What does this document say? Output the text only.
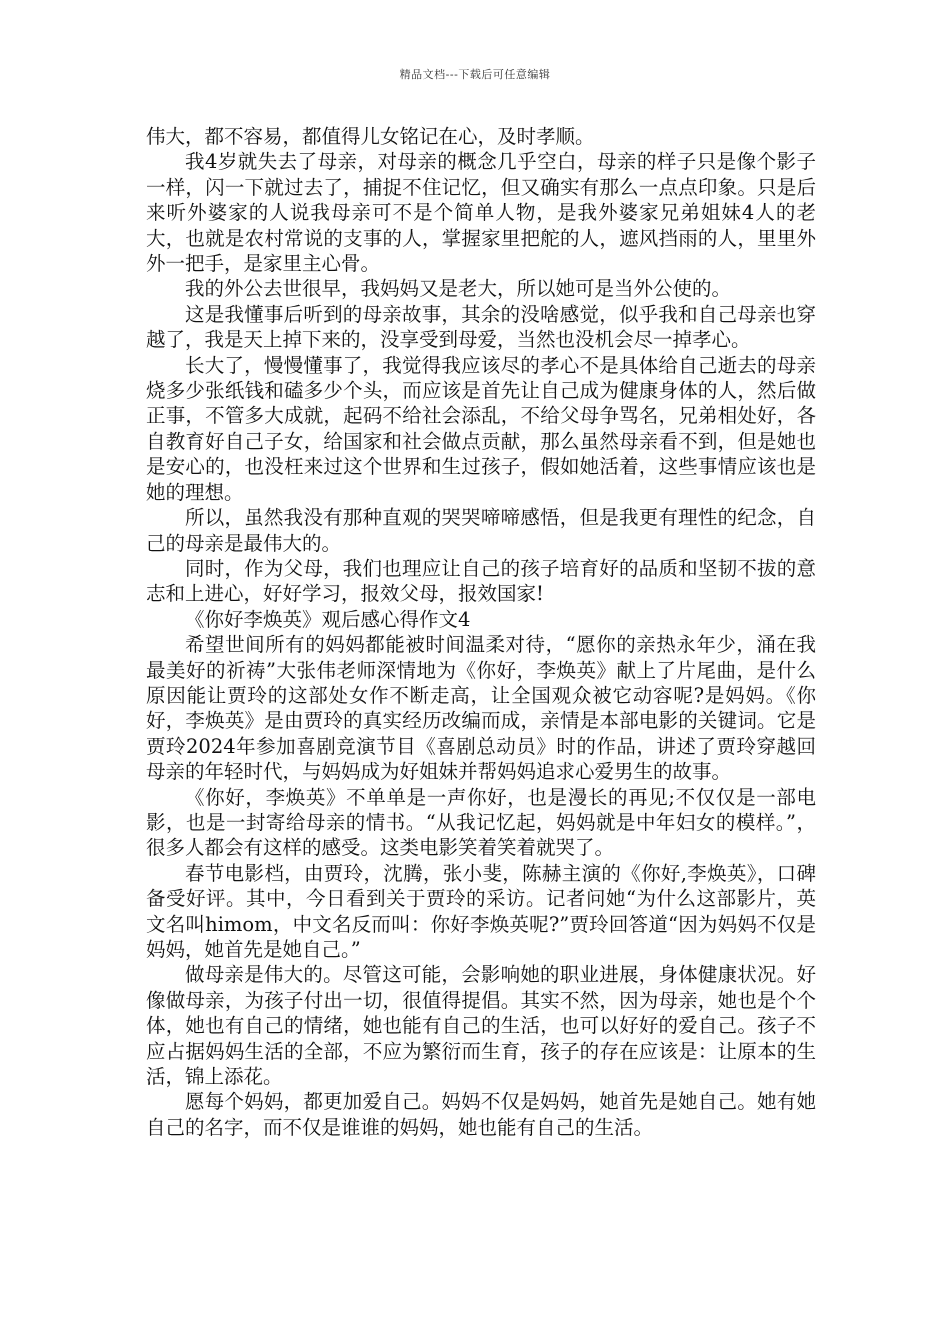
精品文档---下载后可任意编辑

伟大，都不容易，都值得儿女铭记在心，及时孝顺。

我4岁就失去了母亲，对母亲的概念几乎空白，母亲的样子只是像个影子一样，闪一下就过去了，捕捉不住记忆，但又确实有那么一点点印象。只是后来听外婆家的人说我母亲可不是个简单人物，是我外婆家兄弟姐妹4人的老大，也就是农村常说的支事的人，掌握家里把舵的人，遮风挡雨的人，里里外外一把手，是家里主心骨。

我的外公去世很早，我妈妈又是老大，所以她可是当外公使的。

这是我懂事后听到的母亲故事，其余的没啥感觉，似乎我和自己母亲也穿越了，我是天上掉下来的，没享受到母爱，当然也没机会尽一掉孝心。

长大了，慢慢懂事了，我觉得我应该尽的孝心不是具体给自己逝去的母亲烧多少张纸钱和磕多少个头，而应该是首先让自己成为健康身体的人，然后做正事，不管多大成就，起码不给社会添乱，不给父母争骂名，兄弟相处好，各自教育好自己子女，给国家和社会做点贡献，那么虽然母亲看不到，但是她也是安心的，也没枉来过这个世界和生过孩子，假如她活着，这些事情应该也是她的理想。

所以，虽然我没有那种直观的哭哭啼啼感悟，但是我更有理性的纪念，自己的母亲是最伟大的。

同时，作为父母，我们也理应让自己的孩子培育好的品质和坚韧不拔的意志和上进心，好好学习，报效父母，报效国家!

《你好李焕英》观后感心得作文4

希望世间所有的妈妈都能被时间温柔对待，“愿你的亲热永年少，涌在我最美好的祈祷”大张伟老师深情地为《你好，李焕英》献上了片尾曲，是什么原因能让贾玲的这部处女作不断走高，让全国观众被它动容呢?是妈妈。《你好，李焕英》是由贾玲的真实经历改编而成，亲情是本部电影的关键词。它是贾玲2024年参加喜剧竞演节目《喜剧总动员》时的作品，讲述了贾玲穿越回母亲的年轻时代，与妈妈成为好姐妹并帮妈妈追求心爱男生的故事。

《你好，李焕英》不单单是一声你好，也是漫长的再见;不仅仅是一部电影，也是一封寄给母亲的情书。“从我记忆起，妈妈就是中年妇女的模样。”，很多人都会有这样的感受。这类电影笑着笑着就哭了。

春节电影档，由贾玲，沈腾，张小斐，陈赫主演的《你好,李焕英》，口碑备受好评。其中，今日看到关于贾玲的采访。记者问她“为什么这部影片，英文名叫himom，中文名反而叫：你好李焕英呢?”贾玲回答道“因为妈妈不仅是妈妈，她首先是她自己。”

做母亲是伟大的。尽管这可能，会影响她的职业进展，身体健康状况。好像做母亲，为孩子付出一切，很值得提倡。其实不然，因为母亲，她也是个个体，她也有自己的情绪，她也能有自己的生活，也可以好好的爱自己。孩子不应占据妈妈生活的全部，不应为繁衍而生育，孩子的存在应该是：让原本的生活，锦上添花。

愿每个妈妈，都更加爱自己。妈妈不仅是妈妈，她首先是她自己。她有她自己的名字，而不仅是谁谁的妈妈，她也能有自己的生活。
